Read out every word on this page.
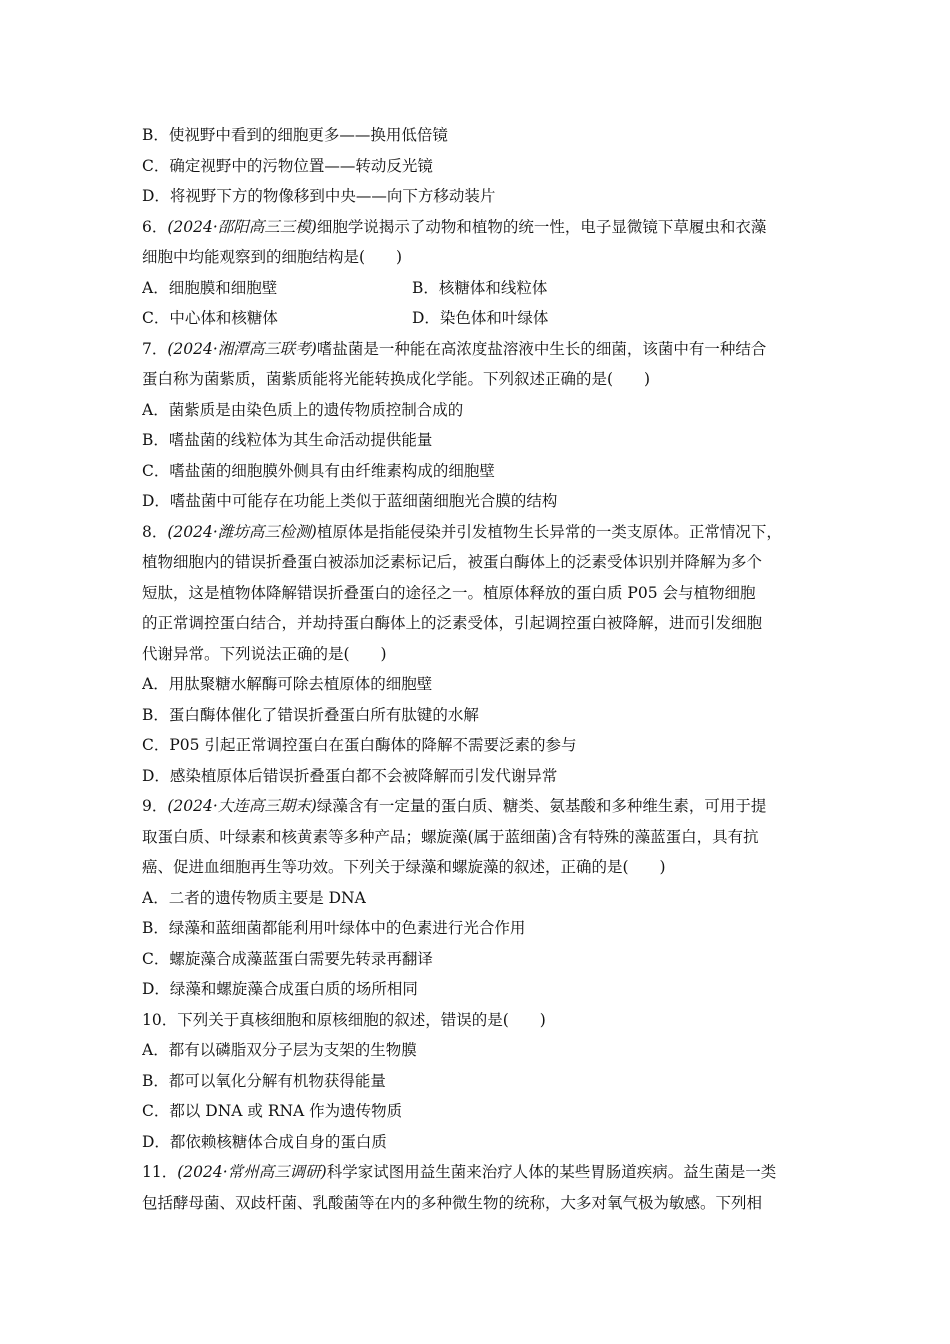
B．使视野中看到的细胞更多——换用低倍镜
C．确定视野中的污物位置——转动反光镜
D．将视野下方的物像移到中央——向下方移动装片
6．(2024·邵阳高三三模)细胞学说揭示了动物和植物的统一性，电子显微镜下草履虫和衣藻
细胞中均能观察到的细胞结构是(　　)
A．细胞膜和细胞壁	B．核糖体和线粒体
C．中心体和核糖体	D．染色体和叶绿体
7．(2024·湘潭高三联考)嗜盐菌是一种能在高浓度盐溶液中生长的细菌，该菌中有一种结合
蛋白称为菌紫质，菌紫质能将光能转换成化学能。下列叙述正确的是(　　)
A．菌紫质是由染色质上的遗传物质控制合成的
B．嗜盐菌的线粒体为其生命活动提供能量
C．嗜盐菌的细胞膜外侧具有由纤维素构成的细胞壁
D．嗜盐菌中可能存在功能上类似于蓝细菌细胞光合膜的结构
8．(2024·潍坊高三检测)植原体是指能侵染并引发植物生长异常的一类支原体。正常情况下，
植物细胞内的错误折叠蛋白被添加泛素标记后，被蛋白酶体上的泛素受体识别并降解为多个
短肽，这是植物体降解错误折叠蛋白的途径之一。植原体释放的蛋白质 P05 会与植物细胞
的正常调控蛋白结合，并劫持蛋白酶体上的泛素受体，引起调控蛋白被降解，进而引发细胞
代谢异常。下列说法正确的是(　　)
A．用肽聚糖水解酶可除去植原体的细胞壁
B．蛋白酶体催化了错误折叠蛋白所有肽键的水解
C．P05 引起正常调控蛋白在蛋白酶体的降解不需要泛素的参与
D．感染植原体后错误折叠蛋白都不会被降解而引发代谢异常
9．(2024·大连高三期末)绿藻含有一定量的蛋白质、糖类、氨基酸和多种维生素，可用于提
取蛋白质、叶绿素和核黄素等多种产品；螺旋藻(属于蓝细菌)含有特殊的藻蓝蛋白，具有抗
癌、促进血细胞再生等功效。下列关于绿藻和螺旋藻的叙述，正确的是(　　)
A．二者的遗传物质主要是 DNA
B．绿藻和蓝细菌都能利用叶绿体中的色素进行光合作用
C．螺旋藻合成藻蓝蛋白需要先转录再翻译
D．绿藻和螺旋藻合成蛋白质的场所相同
10．下列关于真核细胞和原核细胞的叙述，错误的是(　　)
A．都有以磷脂双分子层为支架的生物膜
B．都可以氧化分解有机物获得能量
C．都以 DNA 或 RNA 作为遗传物质
D．都依赖核糖体合成自身的蛋白质
11．(2024·常州高三调研)科学家试图用益生菌来治疗人体的某些胃肠道疾病。益生菌是一类
包括酵母菌、双歧杆菌、乳酸菌等在内的多种微生物的统称，大多对氧气极为敏感。下列相
